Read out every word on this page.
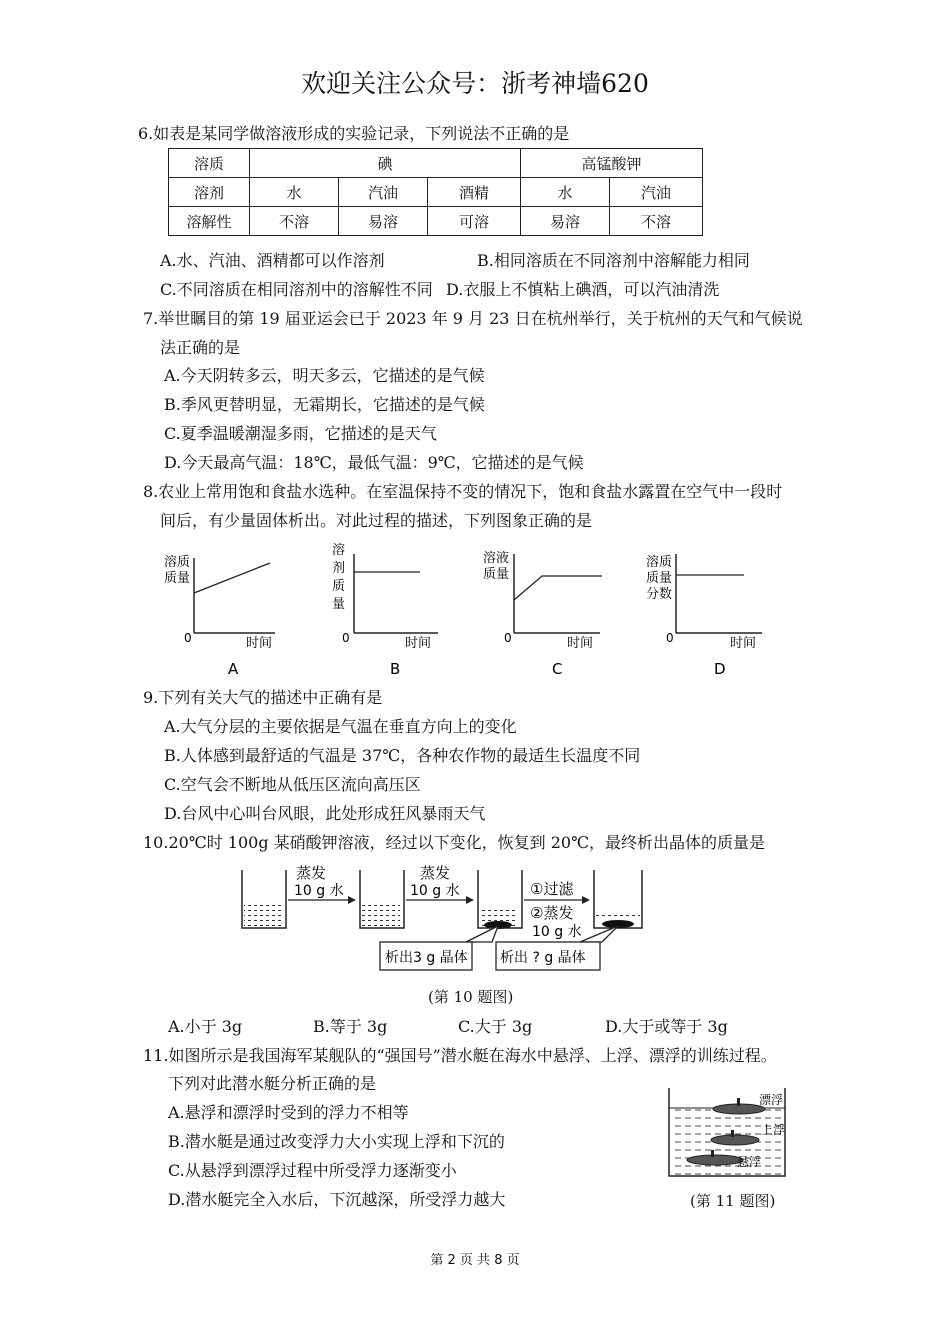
欢迎关注公众号：浙考神墙620
6.如表是某同学做溶液形成的实验记录，下列说法不正确的是
溶质	碘			高锰酸钾	
溶剂	水	汽油	酒精	水	汽油
溶解性	不溶	易溶	可溶	易溶	不溶
A.水、汽油、酒精都可以作溶剂	B.相同溶质在不同溶剂中溶解能力相同
C.不同溶质在相同溶剂中的溶解性不同 D.衣服上不慎粘上碘酒，可以汽油清洗
7.举世瞩目的第 19 届亚运会已于 2023 年 9 月 23 日在杭州举行，关于杭州的天气和气候说
法正确的是
A.今天阴转多云，明天多云，它描述的是气候
B.季风更替明显，无霜期长，它描述的是气候
C.夏季温暖潮湿多雨，它描述的是天气
D.今天最高气温：18℃，最低气温：9℃，它描述的是气候
8.农业上常用饱和食盐水选种。在室温保持不变的情况下，饱和食盐水露置在空气中一段时
间后，有少量固体析出。对此过程的描述，下列图象正确的是
溶质
质量
0	时间
A
溶
剂
质
量
0	时间
B
溶液
质量
0	时间
C
溶质
质量
分数
0	时间
D
9.下列有关大气的描述中正确有是
A.大气分层的主要依据是气温在垂直方向上的变化
B.人体感到最舒适的气温是 37℃，各种农作物的最适生长温度不同
C.空气会不断地从低压区流向高压区
D.台风中心叫台风眼，此处形成狂风暴雨天气
10.20℃时 100g 某硝酸钾溶液，经过以下变化，恢复到 20℃，最终析出晶体的质量是
蒸发
10 g 水
蒸发
10 g 水	①过滤
②蒸发
10 g 水
析出3 g 晶体 析出 ? g 晶体
(第 10 题图)
A.小于 3g	B.等于 3g	C.大于 3g	D.大于或等于 3g
11.如图所示是我国海军某舰队的“强国号”潜水艇在海水中悬浮、上浮、漂浮的训练过程。
下列对此潜水艇分析正确的是
A.悬浮和漂浮时受到的浮力不相等
B.潜水艇是通过改变浮力大小实现上浮和下沉的
C.从悬浮到漂浮过程中所受浮力逐渐变小
D.潜水艇完全入水后，下沉越深，所受浮力越大
漂浮
上浮
悬浮
(第 11 题图)
第 2 页 共 8 页
